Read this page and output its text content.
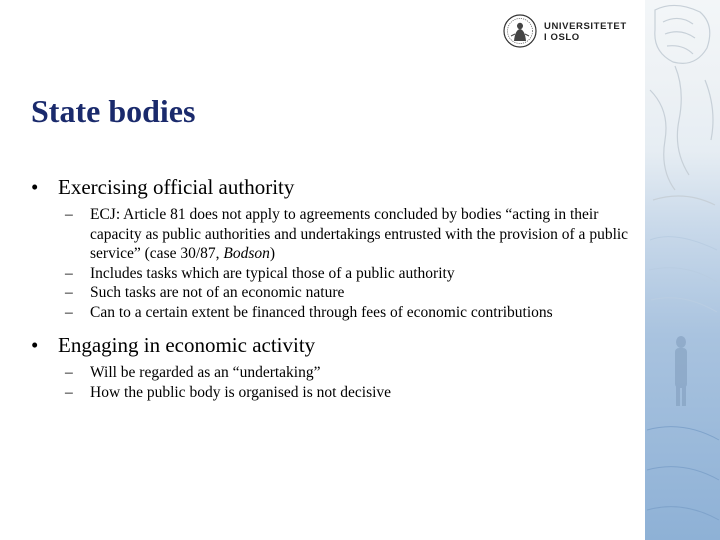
UNIVERSITETET
I OSLO
State bodies

• Exercising official authority

– ECJ: Article 81 does not apply to agreements concluded by bodies “acting in their capacity as public authorities and undertakings entrusted with the provision of a public service” (case 30/87, Bodson)
– Includes tasks which are typical those of a public authority
– Such tasks are not of an economic nature
– Can to a certain extent be financed through fees of economic contributions

• Engaging in economic activity

– Will be regarded as an “undertaking”
– How the public body is organised is not decisive
